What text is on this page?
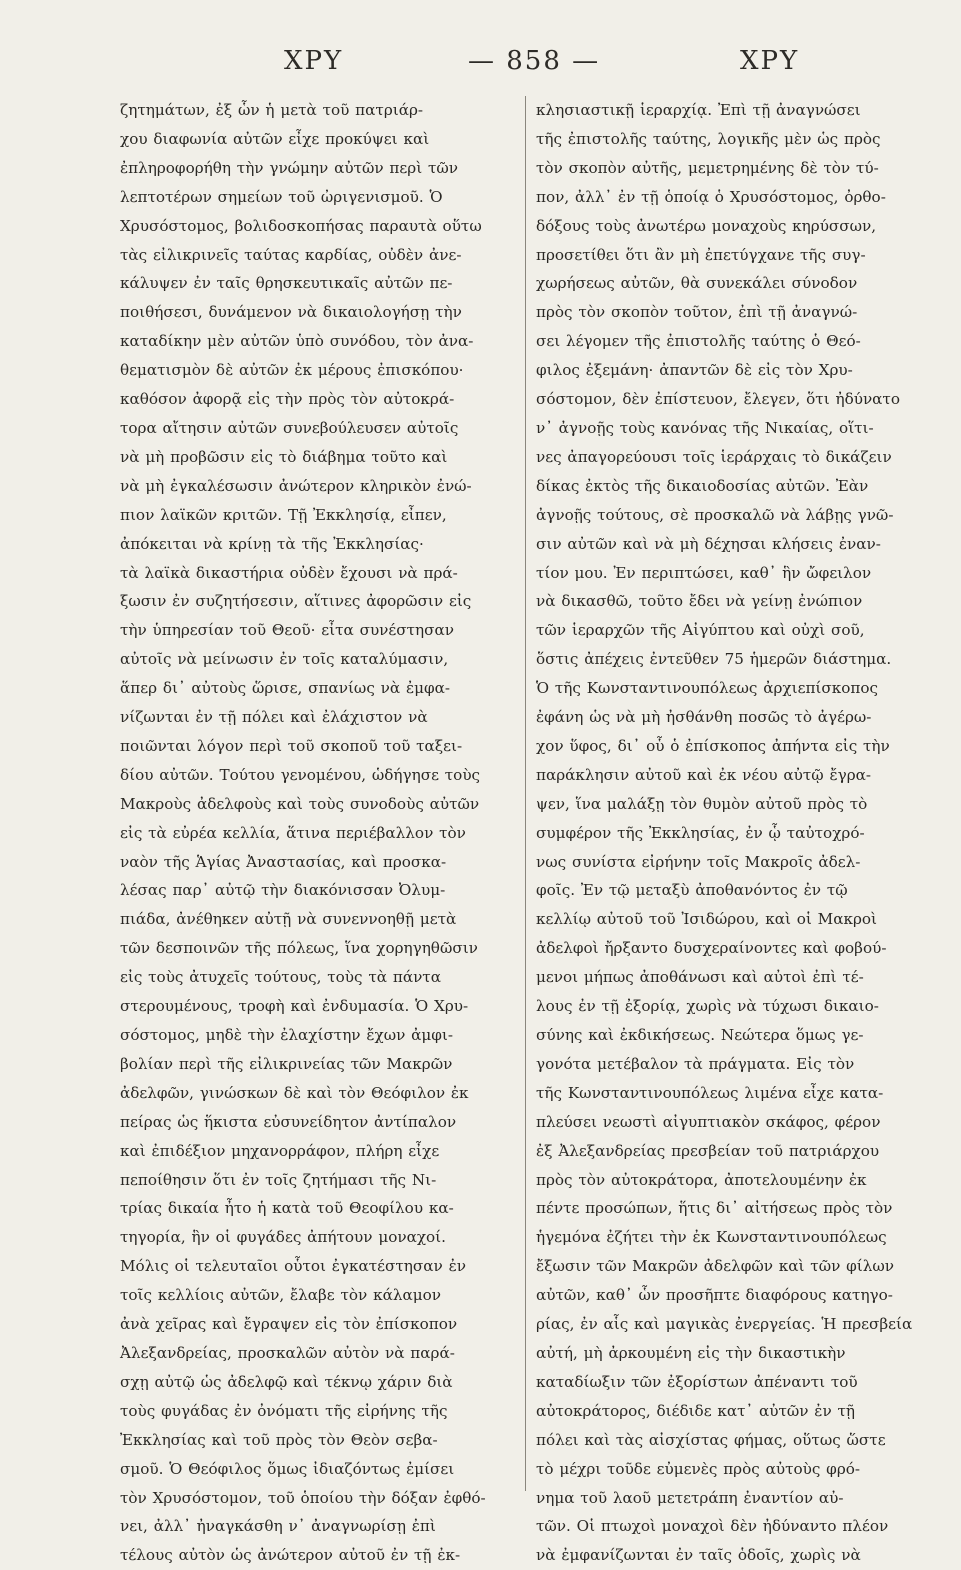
ΧΡΥ	— 858 —	ΧΡΥ
ζητημάτων, ἐξ ὧν ἡ μετὰ τοῦ πατριάρ-
χου διαφωνία αὐτῶν εἶχε προκύψει καὶ
ἐπληροφορήθη τὴν γνώμην αὐτῶν περὶ τῶν
λεπτοτέρων σημείων τοῦ ὠριγενισμοῦ. Ὁ
Χρυσόστομος, βολιδοσκοπήσας παραυτὰ οὕτω
τὰς εἰλικρινεῖς ταύτας καρδίας, οὐδὲν ἀνε-
κάλυψεν ἐν ταῖς θρησκευτικαῖς αὐτῶν πε-
ποιθήσεσι, δυνάμενον νὰ δικαιολογήσῃ τὴν
καταδίκην μὲν αὐτῶν ὑπὸ συνόδου, τὸν ἀνα-
θεματισμὸν δὲ αὐτῶν ἐκ μέρους ἐπισκόπου·
καθόσον ἀφορᾷ εἰς τὴν πρὸς τὸν αὐτοκρά-
τορα αἴτησιν αὐτῶν συνεβούλευσεν αὐτοῖς
νὰ μὴ προβῶσιν εἰς τὸ διάβημα τοῦτο καὶ
νὰ μὴ ἐγκαλέσωσιν ἀνώτερον κληρικὸν ἐνώ-
πιον λαϊκῶν κριτῶν. Τῇ Ἐκκλησίᾳ, εἶπεν,
ἀπόκειται νὰ κρίνῃ τὰ τῆς Ἐκκλησίας·
τὰ λαϊκὰ δικαστήρια οὐδὲν ἔχουσι νὰ πρά-
ξωσιν ἐν συζητήσεσιν, αἵτινες ἀφορῶσιν εἰς
τὴν ὑπηρεσίαν τοῦ Θεοῦ· εἶτα συνέστησαν
αὐτοῖς νὰ μείνωσιν ἐν τοῖς καταλύμασιν,
ἅπερ δι᾽ αὐτοὺς ὥρισε, σπανίως νὰ ἐμφα-
νίζωνται ἐν τῇ πόλει καὶ ἐλάχιστον νὰ
ποιῶνται λόγον περὶ τοῦ σκοποῦ τοῦ ταξει-
δίου αὐτῶν. Τούτου γενομένου, ὡδήγησε τοὺς
Μακροὺς ἀδελφοὺς καὶ τοὺς συνοδοὺς αὐτῶν
εἰς τὰ εὐρέα κελλία, ἅτινα περιέβαλλον τὸν
ναὸν τῆς Ἁγίας Ἀναστασίας, καὶ προσκα-
λέσας παρ᾽ αὐτῷ τὴν διακόνισσαν Ὀλυμ-
πιάδα, ἀνέθηκεν αὐτῇ νὰ συνεννοηθῇ μετὰ
τῶν δεσποινῶν τῆς πόλεως, ἵνα χορηγηθῶσιν
εἰς τοὺς ἀτυχεῖς τούτους, τοὺς τὰ πάντα
στερουμένους, τροφὴ καὶ ἐνδυμασία. Ὁ Χρυ-
σόστομος, μηδὲ τὴν ἐλαχίστην ἔχων ἀμφι-
βολίαν περὶ τῆς εἰλικρινείας τῶν Μακρῶν
ἀδελφῶν, γινώσκων δὲ καὶ τὸν Θεόφιλον ἐκ
πείρας ὡς ἥκιστα εὐσυνείδητον ἀντίπαλον
καὶ ἐπιδέξιον μηχανορράφον, πλήρη εἶχε
πεποίθησιν ὅτι ἐν τοῖς ζητήμασι τῆς Νι-
τρίας δικαία ἦτο ἡ κατὰ τοῦ Θεοφίλου κα-
τηγορία, ἣν οἱ φυγάδες ἀπήτουν μοναχοί.
Μόλις οἱ τελευταῖοι οὗτοι ἐγκατέστησαν ἐν
τοῖς κελλίοις αὐτῶν, ἔλαβε τὸν κάλαμον
ἀνὰ χεῖρας καὶ ἔγραψεν εἰς τὸν ἐπίσκοπον
Ἀλεξανδρείας, προσκαλῶν αὐτὸν νὰ παρά-
σχῃ αὐτῷ ὡς ἀδελφῷ καὶ τέκνῳ χάριν διὰ
τοὺς φυγάδας ἐν ὀνόματι τῆς εἰρήνης τῆς
Ἐκκλησίας καὶ τοῦ πρὸς τὸν Θεὸν σεβα-
σμοῦ. Ὁ Θεόφιλος ὅμως ἰδιαζόντως ἐμίσει
τὸν Χρυσόστομον, τοῦ ὁποίου τὴν δόξαν ἐφθό-
νει, ἀλλ᾽ ἠναγκάσθη ν᾽ ἀναγνωρίσῃ ἐπὶ
τέλους αὐτὸν ὡς ἀνώτερον αὐτοῦ ἐν τῇ ἐκ-
κλησιαστικῇ ἱεραρχίᾳ. Ἐπὶ τῇ ἀναγνώσει
τῆς ἐπιστολῆς ταύτης, λογικῆς μὲν ὡς πρὸς
τὸν σκοπὸν αὐτῆς, μεμετρημένης δὲ τὸν τύ-
πον, ἀλλ᾽ ἐν τῇ ὁποίᾳ ὁ Χρυσόστομος, ὀρθο-
δόξους τοὺς ἀνωτέρω μοναχοὺς κηρύσσων,
προσετίθει ὅτι ἂν μὴ ἐπετύγχανε τῆς συγ-
χωρήσεως αὐτῶν, θὰ συνεκάλει σύνοδον
πρὸς τὸν σκοπὸν τοῦτον, ἐπὶ τῇ ἀναγνώ-
σει λέγομεν τῆς ἐπιστολῆς ταύτης ὁ Θεό-
φιλος ἐξεμάνη· ἀπαντῶν δὲ εἰς τὸν Χρυ-
σόστομον, δὲν ἐπίστευον, ἔλεγεν, ὅτι ἠδύνατο
ν᾽ ἀγνοῇς τοὺς κανόνας τῆς Νικαίας, οἵτι-
νες ἀπαγορεύουσι τοῖς ἱεράρχαις τὸ δικάζειν
δίκας ἐκτὸς τῆς δικαιοδοσίας αὐτῶν. Ἐὰν
ἀγνοῇς τούτους, σὲ προσκαλῶ νὰ λάβῃς γνῶ-
σιν αὐτῶν καὶ νὰ μὴ δέχησαι κλήσεις ἐναν-
τίον μου. Ἐν περιπτώσει, καθ᾽ ἣν ὤφειλον
νὰ δικασθῶ, τοῦτο ἔδει νὰ γείνῃ ἐνώπιον
τῶν ἱεραρχῶν τῆς Αἰγύπτου καὶ οὐχὶ σοῦ,
ὅστις ἀπέχεις ἐντεῦθεν 75 ἡμερῶν διάστημα.
Ὁ τῆς Κωνσταντινουπόλεως ἀρχιεπίσκοπος
ἐφάνη ὡς νὰ μὴ ἠσθάνθη ποσῶς τὸ ἀγέρω-
χον ὕφος, δι᾽ οὗ ὁ ἐπίσκοπος ἀπήντα εἰς τὴν
παράκλησιν αὐτοῦ καὶ ἐκ νέου αὐτῷ ἔγρα-
ψεν, ἵνα μαλάξῃ τὸν θυμὸν αὐτοῦ πρὸς τὸ
συμφέρον τῆς Ἐκκλησίας, ἐν ᾧ ταὐτοχρό-
νως συνίστα εἰρήνην τοῖς Μακροῖς ἀδελ-
φοῖς. Ἐν τῷ μεταξὺ ἀποθανόντος ἐν τῷ
κελλίῳ αὐτοῦ τοῦ Ἰσιδώρου, καὶ οἱ Μακροὶ
ἀδελφοὶ ἤρξαντο δυσχεραίνοντες καὶ φοβού-
μενοι μήπως ἀποθάνωσι καὶ αὐτοὶ ἐπὶ τέ-
λους ἐν τῇ ἐξορίᾳ, χωρὶς νὰ τύχωσι δικαιο-
σύνης καὶ ἐκδικήσεως. Νεώτερα ὅμως γε-
γονότα μετέβαλον τὰ πράγματα. Εἰς τὸν
τῆς Κωνσταντινουπόλεως λιμένα εἶχε κατα-
πλεύσει νεωστὶ αἰγυπτιακὸν σκάφος, φέρον
ἐξ Ἀλεξανδρείας πρεσβείαν τοῦ πατριάρχου
πρὸς τὸν αὐτοκράτορα, ἀποτελουμένην ἐκ
πέντε προσώπων, ἥτις δι᾽ αἰτήσεως πρὸς τὸν
ἡγεμόνα ἐζήτει τὴν ἐκ Κωνσταντινουπόλεως
ἔξωσιν τῶν Μακρῶν ἀδελφῶν καὶ τῶν φίλων
αὐτῶν, καθ᾽ ὧν προσῆπτε διαφόρους κατηγο-
ρίας, ἐν αἷς καὶ μαγικὰς ἐνεργείας. Ἡ πρεσβεία
αὐτή, μὴ ἀρκουμένη εἰς τὴν δικαστικὴν
καταδίωξιν τῶν ἐξορίστων ἀπέναντι τοῦ
αὐτοκράτορος, διέδιδε κατ᾽ αὐτῶν ἐν τῇ
πόλει καὶ τὰς αἰσχίστας φήμας, οὕτως ὥστε
τὸ μέχρι τοῦδε εὐμενὲς πρὸς αὐτοὺς φρό-
νημα τοῦ λαοῦ μετετράπη ἐναντίον αὐ-
τῶν. Οἱ πτωχοὶ μοναχοὶ δὲν ἠδύναντο πλέον
νὰ ἐμφανίζωνται ἐν ταῖς ὁδοῖς, χωρὶς νὰ
